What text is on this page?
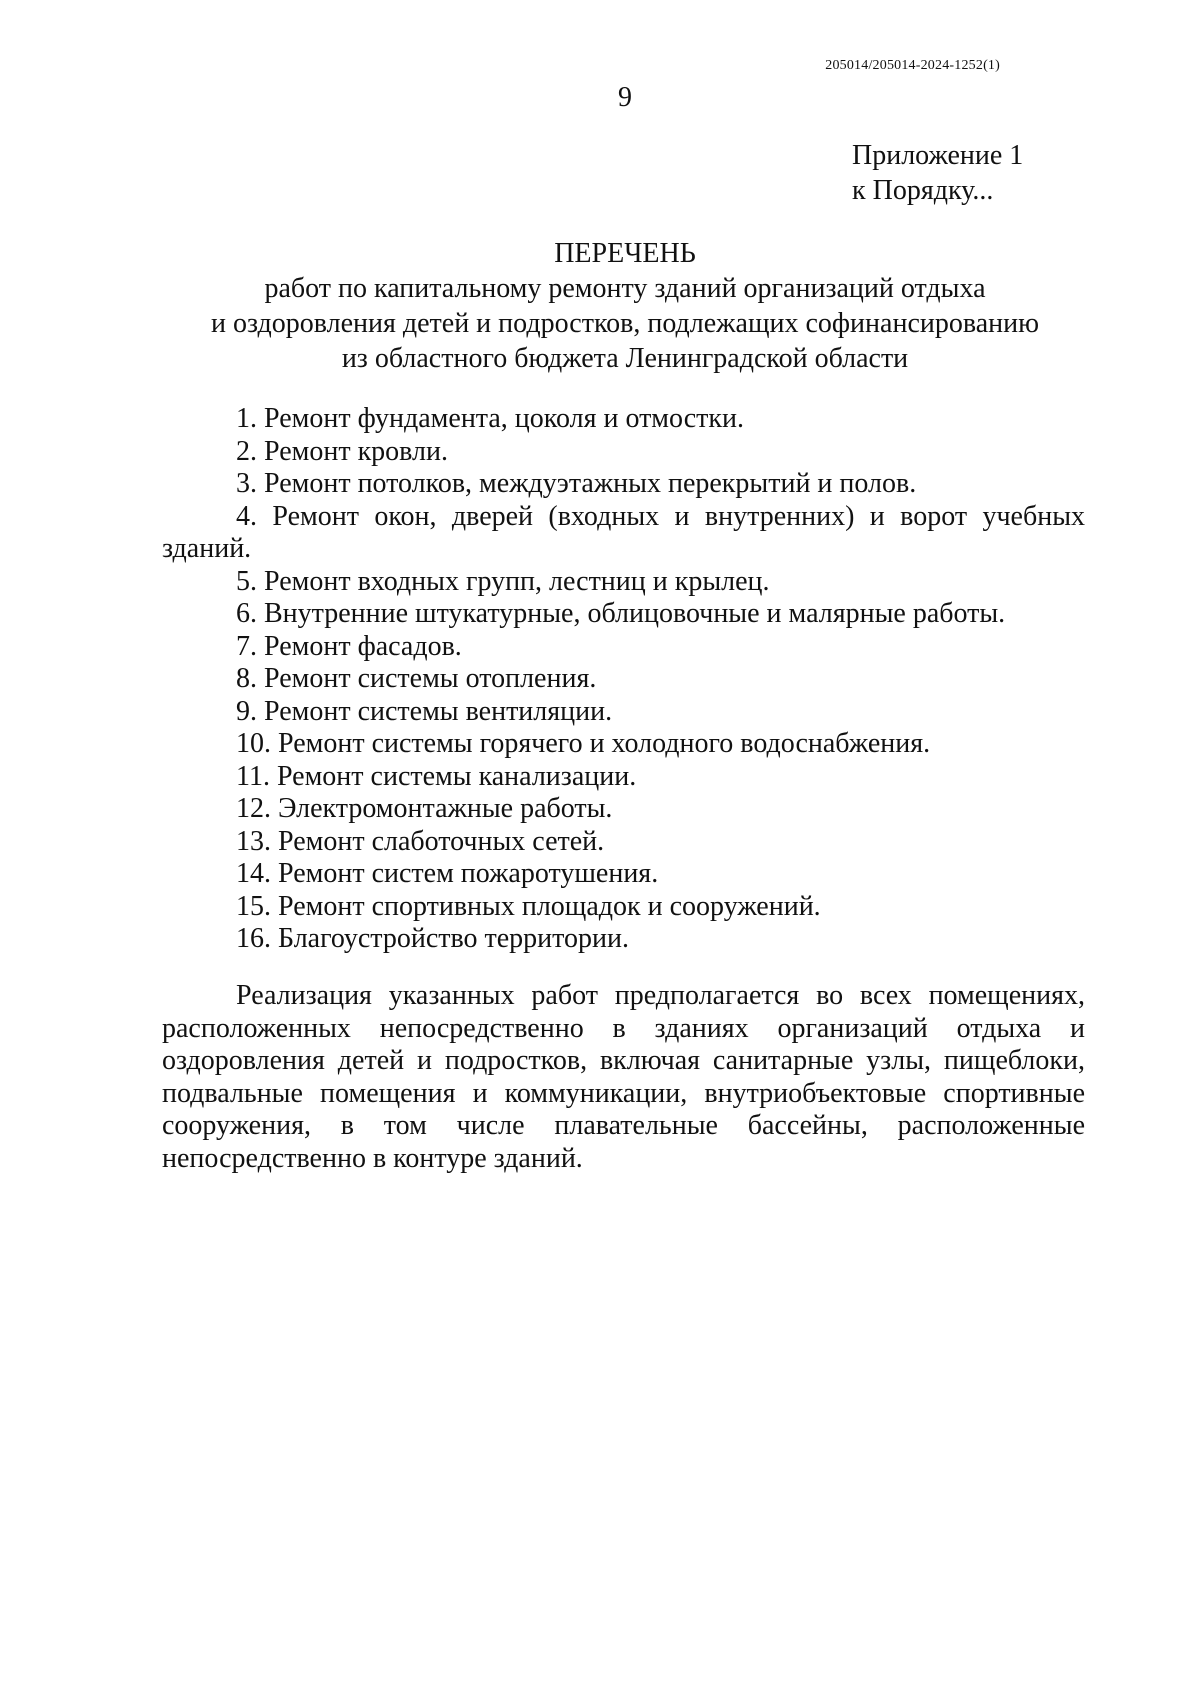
205014/205014-2024-1252(1)
9
Приложение 1
к Порядку...
ПЕРЕЧЕНЬ
работ по капитальному ремонту зданий организаций отдыха
и оздоровления детей и подростков, подлежащих софинансированию
из областного бюджета Ленинградской области
1. Ремонт фундамента, цоколя и отмостки.
2. Ремонт кровли.
3. Ремонт потолков, междуэтажных перекрытий и полов.
4. Ремонт окон, дверей (входных и внутренних) и ворот учебных зданий.
5. Ремонт входных групп, лестниц и крылец.
6. Внутренние штукатурные, облицовочные и малярные работы.
7. Ремонт фасадов.
8. Ремонт системы отопления.
9. Ремонт системы вентиляции.
10. Ремонт системы горячего и холодного водоснабжения.
11. Ремонт системы канализации.
12. Электромонтажные работы.
13. Ремонт слаботочных сетей.
14. Ремонт систем пожаротушения.
15. Ремонт спортивных площадок и сооружений.
16. Благоустройство территории.
Реализация указанных работ предполагается во всех помещениях, расположенных непосредственно в зданиях организаций отдыха и оздоровления детей и подростков, включая санитарные узлы, пищеблоки, подвальные помещения и коммуникации, внутриобъектовые спортивные сооружения, в том числе плавательные бассейны, расположенные непосредственно в контуре зданий.
